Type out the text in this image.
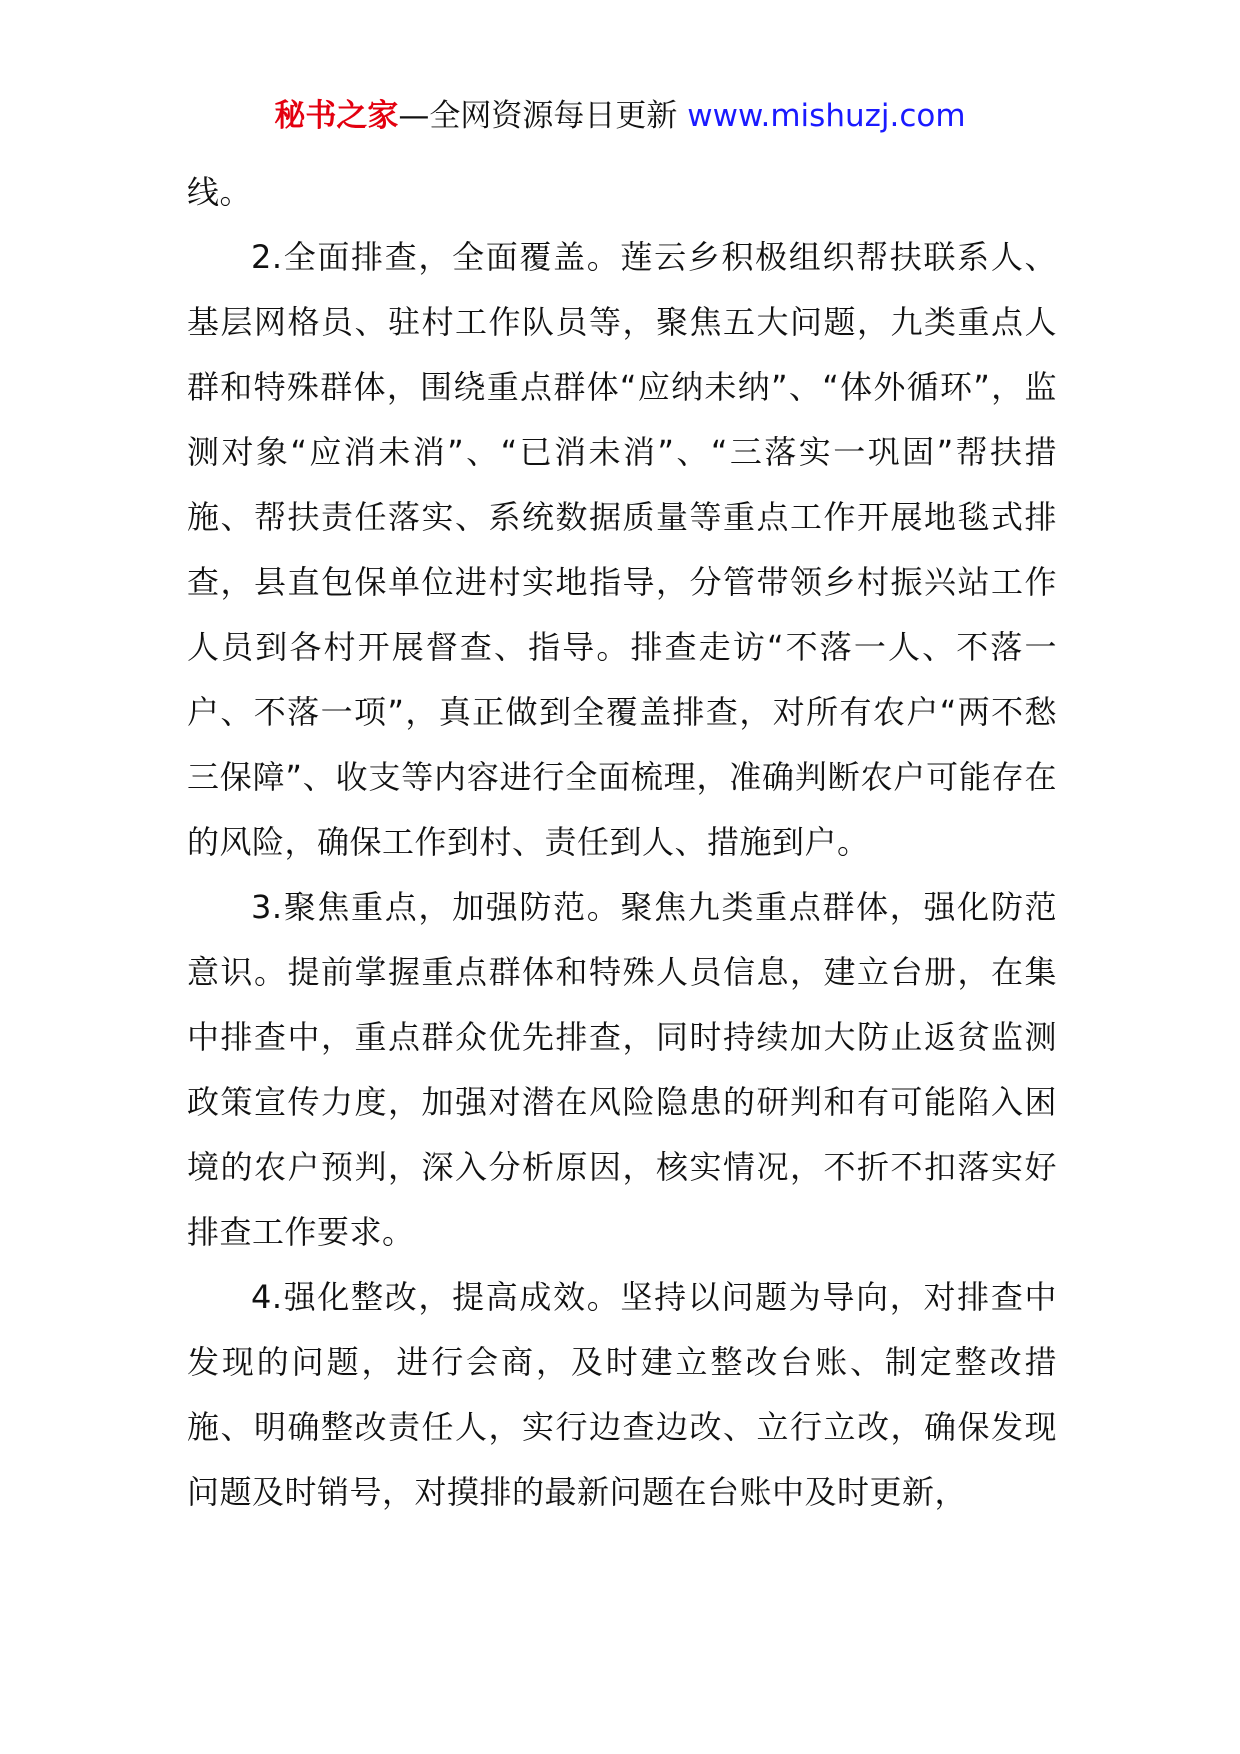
秘书之家—全网资源每日更新 www.mishuzj.com

线。

2.全面排查，全面覆盖。莲云乡积极组织帮扶联系人、基层网格员、驻村工作队员等，聚焦五大问题，九类重点人群和特殊群体，围绕重点群体“应纳未纳”、“体外循环”，监测对象“应消未消”、“已消未消”、“三落实一巩固”帮扶措施、帮扶责任落实、系统数据质量等重点工作开展地毯式排查，县直包保单位进村实地指导，分管带领乡村振兴站工作人员到各村开展督查、指导。排查走访“不落一人、不落一户、不落一项”，真正做到全覆盖排查，对所有农户“两不愁三保障”、收支等内容进行全面梳理，准确判断农户可能存在的风险，确保工作到村、责任到人、措施到户。

3.聚焦重点，加强防范。聚焦九类重点群体，强化防范意识。提前掌握重点群体和特殊人员信息，建立台册，在集中排查中，重点群众优先排查，同时持续加大防止返贫监测政策宣传力度，加强对潜在风险隐患的研判和有可能陷入困境的农户预判，深入分析原因，核实情况，不折不扣落实好排查工作要求。

4.强化整改，提高成效。坚持以问题为导向，对排查中发现的问题，进行会商，及时建立整改台账、制定整改措施、明确整改责任人，实行边查边改、立行立改，确保发现问题及时销号，对摸排的最新问题在台账中及时更新，
